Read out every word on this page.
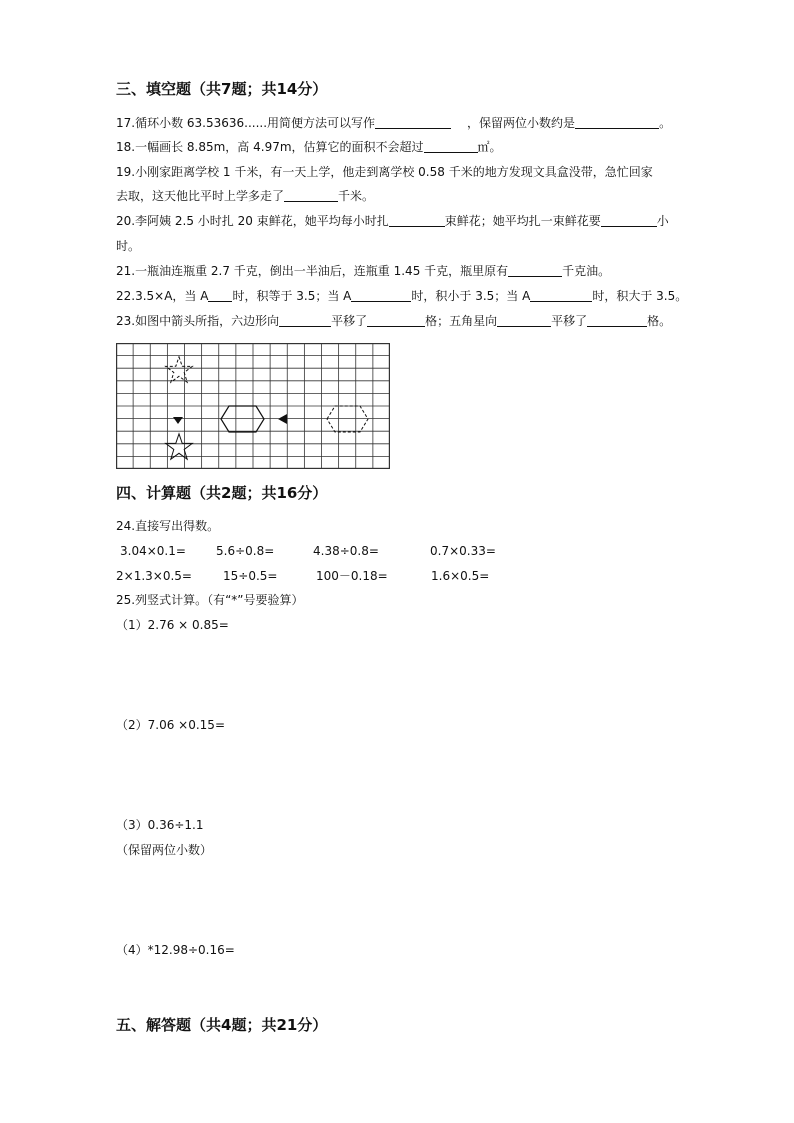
三、填空题（共7题；共14分）
17.循环小数 63.53636......用简便方法可以写作	，保留两位小数约是	。
18.一幅画长 8.85m，高 4.97m，估算它的面积不会超过	㎡。
19.小刚家距离学校 1 千米，有一天上学，他走到离学校 0.58 千米的地方发现文具盒没带，急忙回家
去取，这天他比平时上学多走了	千米。
20.李阿姨 2.5 小时扎 20 束鲜花，她平均每小时扎	束鲜花；她平均扎一束鲜花要	小
时。
21.一瓶油连瓶重 2.7 千克，倒出一半油后，连瓶重 1.45 千克，瓶里原有	千克油。
22.3.5×A，当 A 时，积等于 3.5；当 A	时，积小于 3.5；当 A	时，积大于 3.5。
23.如图中箭头所指，六边形向	平移了	格；五角星向	平移了	格。
四、计算题（共2题；共16分）
24.直接写出得数。
3.04×0.1=	5.6÷0.8=	4.38÷0.8=	0.7×0.33=
2×1.3×0.5=	15÷0.5=	100－0.18=	1.6×0.5=
25.列竖式计算。（有“*”号要验算）
（1）2.76 × 0.85=
（2）7.06 ×0.15=
（3）0.36÷1.1
（保留两位小数）
（4）*12.98÷0.16=
五、解答题（共4题；共21分）
